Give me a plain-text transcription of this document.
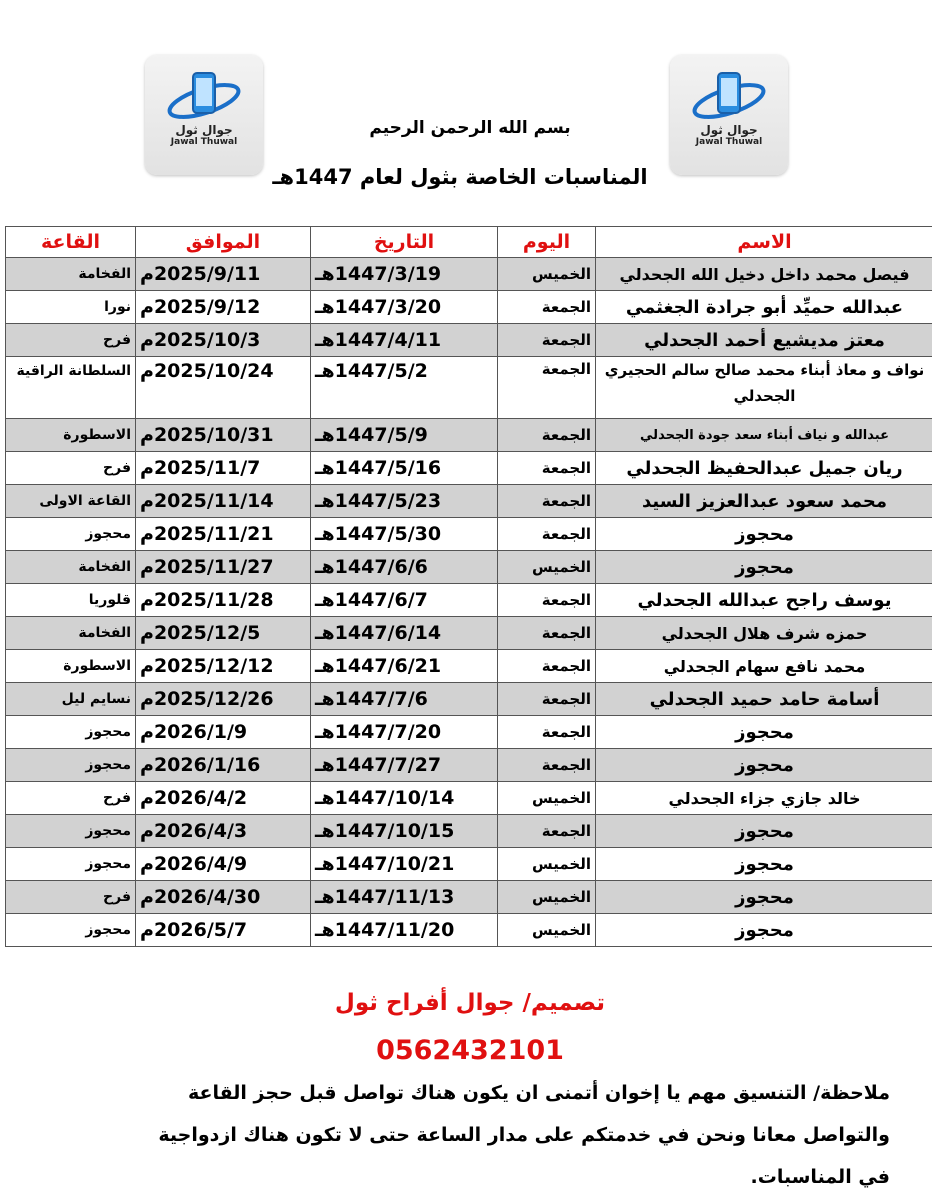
جوال ثول
Jawal Thuwal
جوال ثول
Jawal Thuwal
بسم الله الرحمن الرحيم
المناسبات الخاصة بثول لعام 1447هـ
الاسم	اليوم	التاريخ	الموافق	القاعة
فيصل محمد داخل دخيل الله الجحدلي	الخميس	1447/3/19هـ	2025/9/11م	الفخامة
عبدالله حميِّد أبو جرادة الجغثمي	الجمعة	1447/3/20هـ	2025/9/12م	نورا
معتز مديشيع أحمد الجحدلي	الجمعة	1447/4/11هـ	2025/10/3م	فرح
نواف و معاذ أبناء محمد صالح سالم الحجيري الجحدلي	الجمعة	1447/5/2هـ	2025/10/24م	السلطانة الراقية
عبدالله و نياف أبناء سعد جودة الجحدلي	الجمعة	1447/5/9هـ	2025/10/31م	الاسطورة
ريان جميل عبدالحفيظ الجحدلي	الجمعة	1447/5/16هـ	2025/11/7م	فرح
محمد سعود عبدالعزيز السيد	الجمعة	1447/5/23هـ	2025/11/14م	القاعة الاولى
محجوز	الجمعة	1447/5/30هـ	2025/11/21م	محجوز
محجوز	الخميس	1447/6/6هـ	2025/11/27م	الفخامة
يوسف راجح عبدالله الجحدلي	الجمعة	1447/6/7هـ	2025/11/28م	قلوريا
حمزه شرف هلال الجحدلي	الجمعة	1447/6/14هـ	2025/12/5م	الفخامة
محمد نافع سهام الجحدلي	الجمعة	1447/6/21هـ	2025/12/12م	الاسطورة
أسامة حامد حميد الجحدلي	الجمعة	1447/7/6هـ	2025/12/26م	نسايم ليل
محجوز	الجمعة	1447/7/20هـ	2026/1/9م	محجوز
محجوز	الجمعة	1447/7/27هـ	2026/1/16م	محجوز
خالد جازي جزاء الجحدلي	الخميس	1447/10/14هـ	2026/4/2م	فرح
محجوز	الجمعة	1447/10/15هـ	2026/4/3م	محجوز
محجوز	الخميس	1447/10/21هـ	2026/4/9م	محجوز
محجوز	الخميس	1447/11/13هـ	2026/4/30م	فرح
محجوز	الخميس	1447/11/20هـ	2026/5/7م	محجوز
تصميم/ جوال أفراح ثول
0562432101
ملاحظة/ التنسيق مهم يا إخوان أتمنى ان يكون هناك تواصل قبل حجز القاعة والتواصل معانا ونحن في خدمتكم على مدار الساعة حتى لا تكون هناك ازدواجية في المناسبات.
